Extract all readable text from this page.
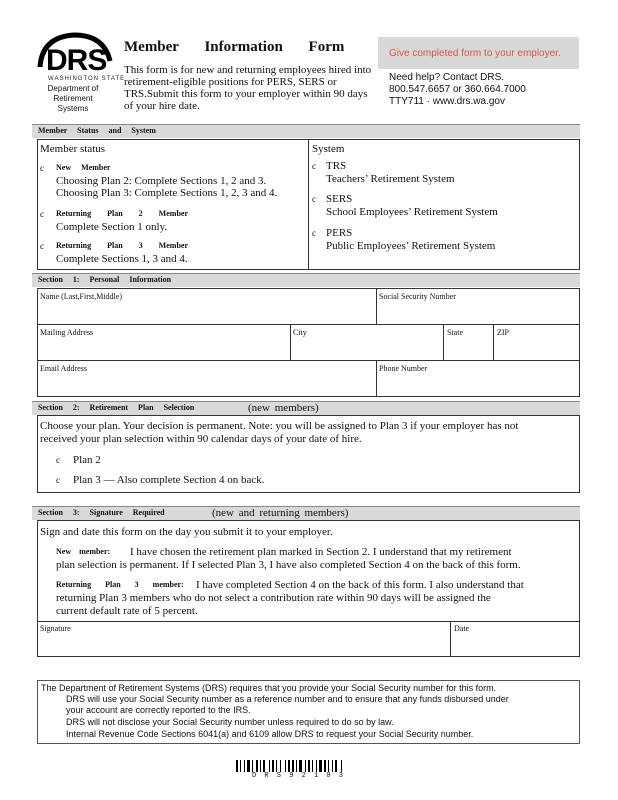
DRS
WASHINGTON STATE
Department of
Retirement Systems
Member Information Form
This form is for new and returning employees hired into retirement-eligible positions for PERS, SERS or TRS.Submit this form to your employer within 90 days of your hire date.
Give completed form to your employer.
Need help? Contact DRS.
800.547.6657 or 360.664.7000
TTY711 · www.drs.wa.gov
Member Status and System
Member status
c New Member
Choosing Plan 2: Complete Sections 1, 2 and 3.
Choosing Plan 3: Complete Sections 1, 2, 3 and 4.
c Returning Plan 2 Member
Complete Section 1 only.
c Returning Plan 3 Member
Complete Sections 1, 3 and 4.
System
c TRS
Teachers’ Retirement System
c SERS
School Employees’ Retirement System
c PERS
Public Employees’ Retirement System
Section 1: Personal Information
Name (Last,First,Middle)	Social Security Number
Mailing Address	City	State	ZIP
Email Address	Phone Number
Section 2: Retirement Plan Selection	(new members)
Choose your plan. Your decision is permanent. Note: you will be assigned to Plan 3 if your employer has not
received your plan selection within 90 calendar days of your date of hire.
c Plan 2
c Plan 3 — Also complete Section 4 on back.
Section 3: Signature Required	(new and returning members)
Sign and date this form on the day you submit it to your employer.
New member: I have chosen the retirement plan marked in Section 2. I understand that my retirement
plan selection is permanent. If I selected Plan 3, I have also completed Section 4 on the back of this form.
Returning Plan 3 member: I have completed Section 4 on the back of this form. I also understand that
returning Plan 3 members who do not select a contribution rate within 90 days will be assigned the
current default rate of 5 percent.
Signature	Date
The Department of Retirement Systems (DRS) requires that you provide your Social Security number for this form.
DRS will use your Social Security number as a reference number and to ensure that any funds disbursed under
your account are correctly reported to the IRS.
DRS will not disclose your Social Security number unless required to do so by law.
Internal Revenue Code Sections 6041(a) and 6109 allow DRS to request your Social Security number.
D R S 9 2 1 0 3
